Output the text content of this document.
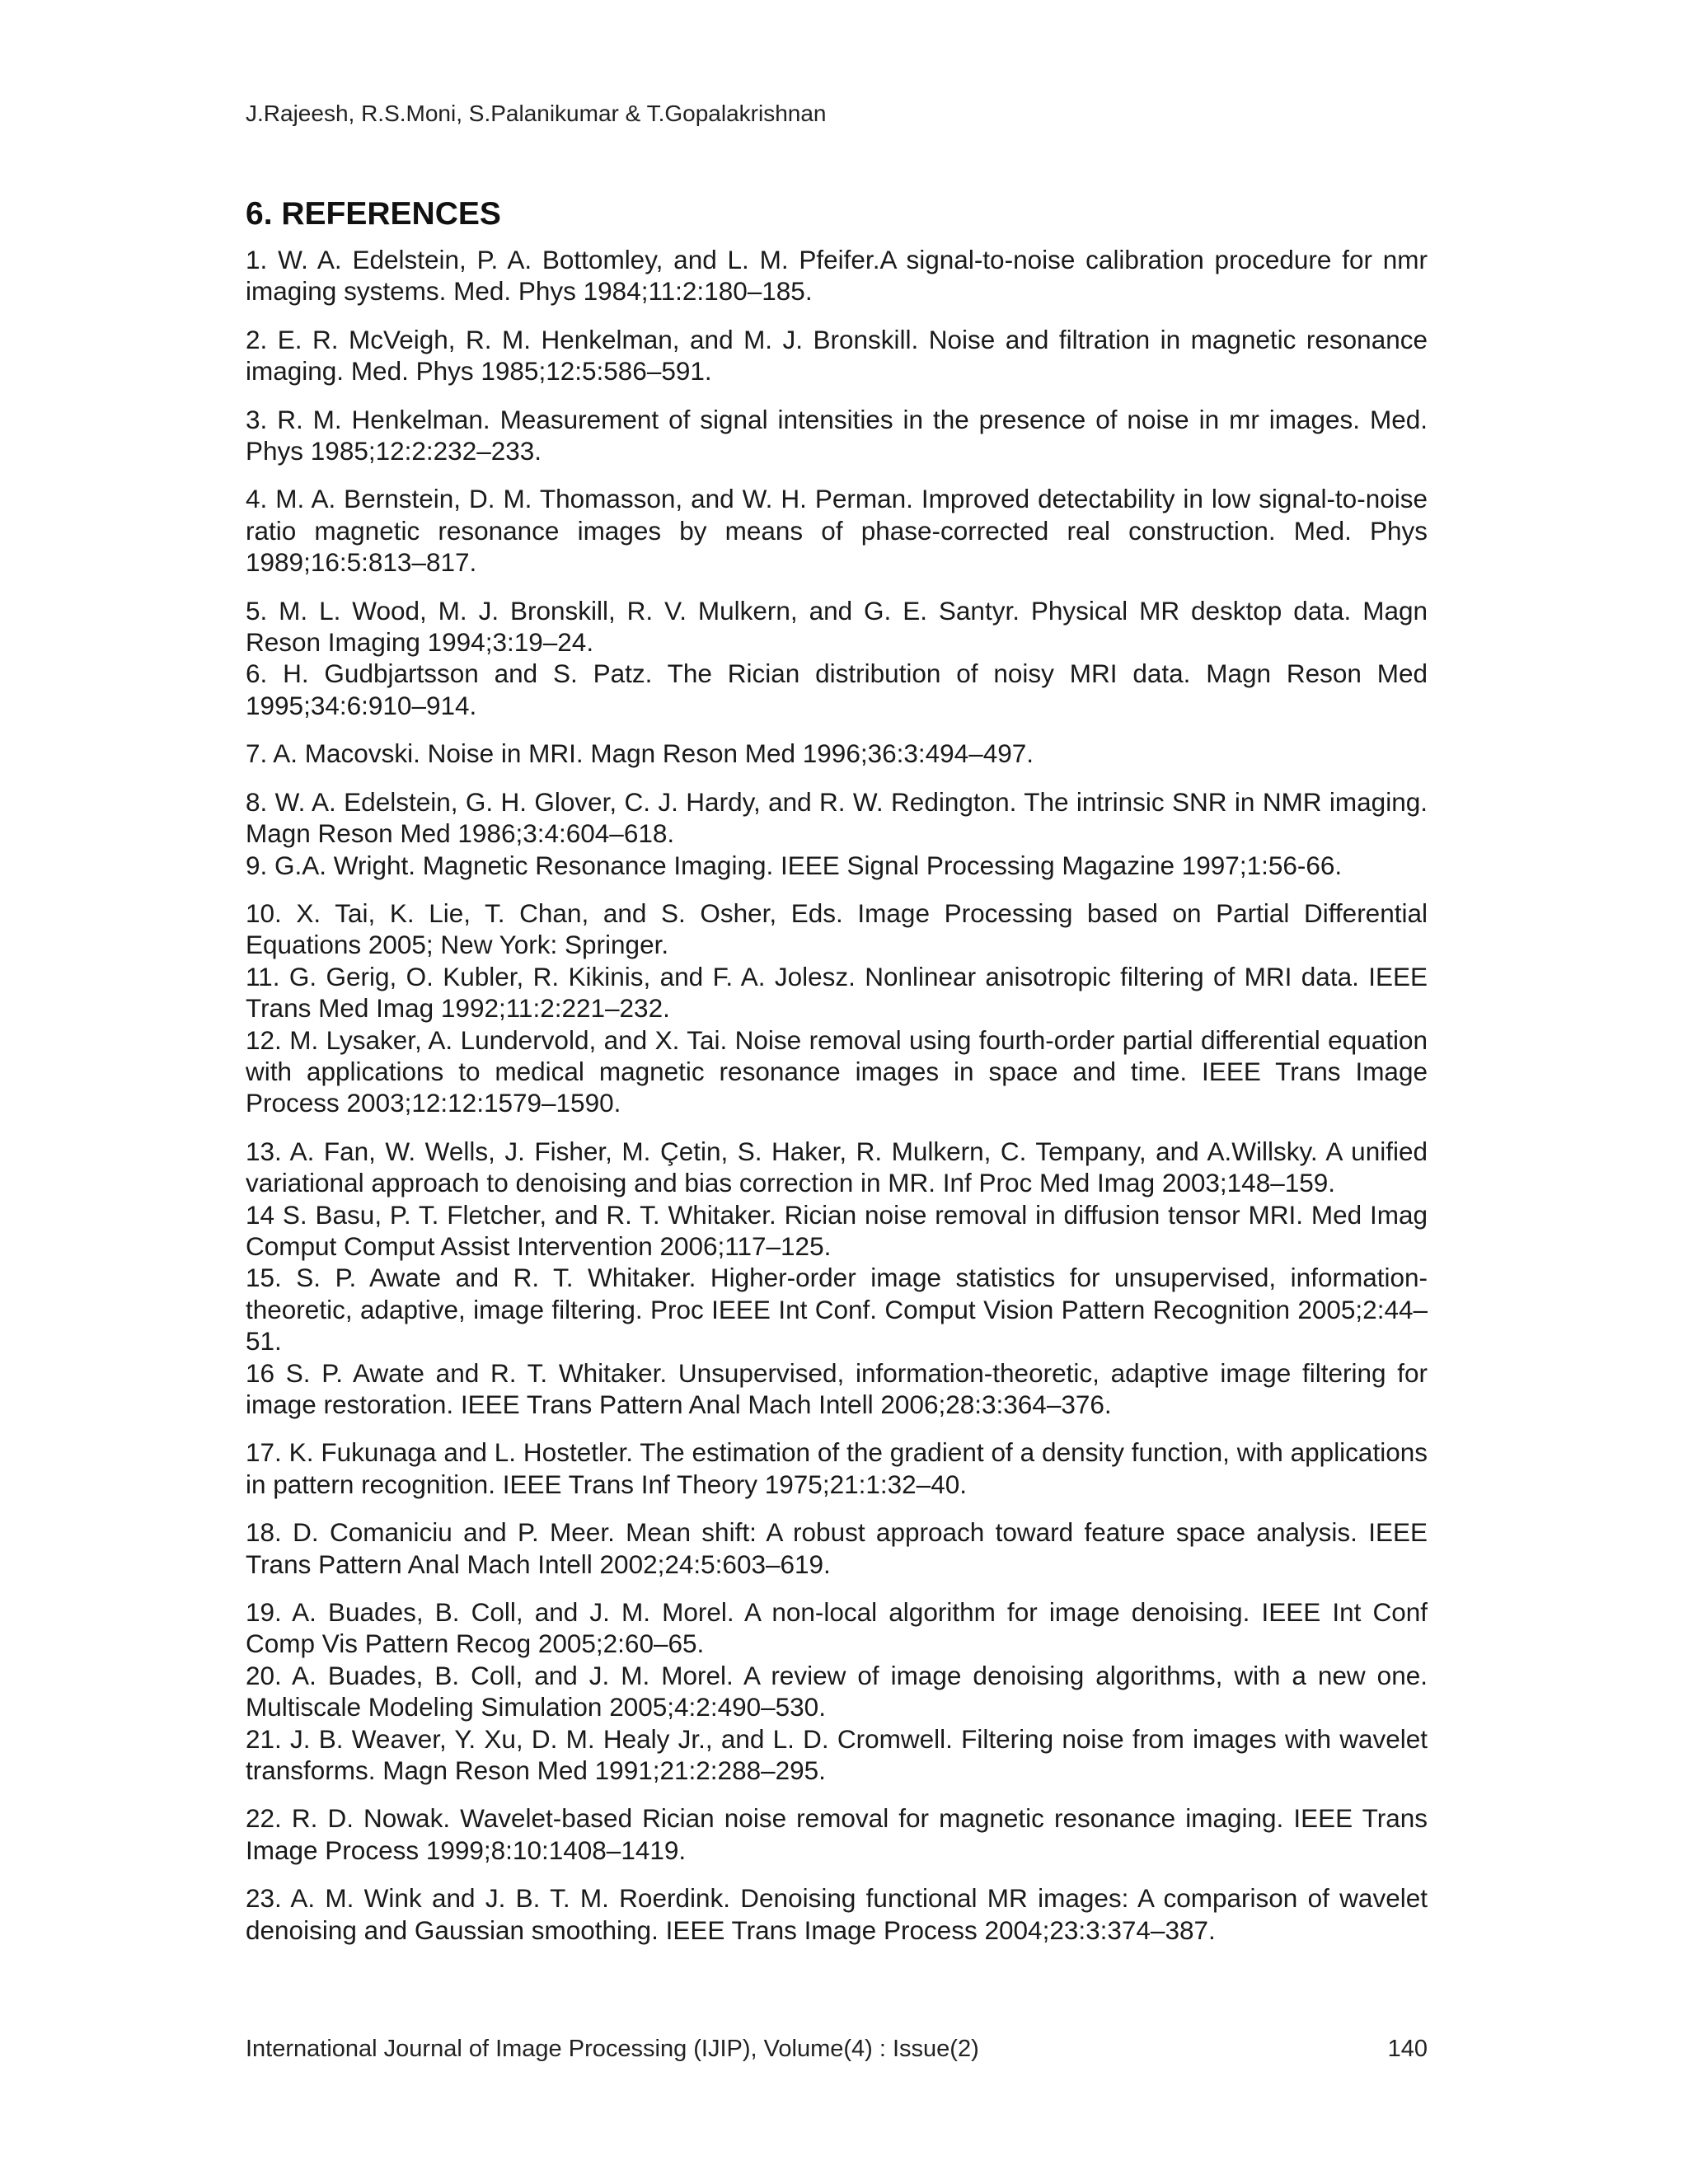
J.Rajeesh, R.S.Moni, S.Palanikumar & T.Gopalakrishnan
6. REFERENCES

1. W. A. Edelstein, P. A. Bottomley, and L. M. Pfeifer.A signal-to-noise calibration procedure for nmr imaging systems. Med. Phys 1984;11:2:180–185.

2. E. R. McVeigh, R. M. Henkelman, and M. J. Bronskill. Noise and filtration in magnetic resonance imaging. Med. Phys 1985;12:5:586–591.

3. R. M. Henkelman. Measurement of signal intensities in the presence of noise in mr images. Med. Phys 1985;12:2:232–233.

4. M. A. Bernstein, D. M. Thomasson, and W. H. Perman. Improved detectability in low signal-to-noise ratio magnetic resonance images by means of phase-corrected real construction. Med. Phys 1989;16:5:813–817.

5. M. L. Wood, M. J. Bronskill, R. V. Mulkern, and G. E. Santyr. Physical MR desktop data. Magn Reson Imaging 1994;3:19–24.

6. H. Gudbjartsson and S. Patz. The Rician distribution of noisy MRI data. Magn Reson Med 1995;34:6:910–914.

7. A. Macovski. Noise in MRI. Magn Reson Med 1996;36:3:494–497.

8. W. A. Edelstein, G. H. Glover, C. J. Hardy, and R. W. Redington. The intrinsic SNR in NMR imaging. Magn Reson Med 1986;3:4:604–618.

9. G.A. Wright. Magnetic Resonance Imaging. IEEE Signal Processing Magazine 1997;1:56-66.

10. X. Tai, K. Lie, T. Chan, and S. Osher, Eds. Image Processing based on Partial Differential Equations 2005; New York: Springer.

11. G. Gerig, O. Kubler, R. Kikinis, and F. A. Jolesz. Nonlinear anisotropic filtering of MRI data. IEEE Trans Med Imag 1992;11:2:221–232.

12. M. Lysaker, A. Lundervold, and X. Tai. Noise removal using fourth-order partial differential equation with applications to medical magnetic resonance images in space and time. IEEE Trans Image Process 2003;12:12:1579–1590.

13. A. Fan, W. Wells, J. Fisher, M. Çetin, S. Haker, R. Mulkern, C. Tempany, and A.Willsky. A unified variational approach to denoising and bias correction in MR. Inf Proc Med Imag 2003;148–159.

14 S. Basu, P. T. Fletcher, and R. T. Whitaker. Rician noise removal in diffusion tensor MRI. Med Imag Comput Comput Assist Intervention 2006;117–125.

15. S. P. Awate and R. T. Whitaker. Higher-order image statistics for unsupervised, information-theoretic, adaptive, image filtering. Proc IEEE Int Conf. Comput Vision Pattern Recognition 2005;2:44–51.

16 S. P. Awate and R. T. Whitaker. Unsupervised, information-theoretic, adaptive image filtering for image restoration. IEEE Trans Pattern Anal Mach Intell 2006;28:3:364–376.

17. K. Fukunaga and L. Hostetler. The estimation of the gradient of a density function, with applications in pattern recognition. IEEE Trans Inf Theory 1975;21:1:32–40.

18. D. Comaniciu and P. Meer. Mean shift: A robust approach toward feature space analysis. IEEE Trans Pattern Anal Mach Intell 2002;24:5:603–619.

19. A. Buades, B. Coll, and J. M. Morel. A non-local algorithm for image denoising. IEEE Int Conf Comp Vis Pattern Recog 2005;2:60–65.

20. A. Buades, B. Coll, and J. M. Morel. A review of image denoising algorithms, with a new one. Multiscale Modeling Simulation 2005;4:2:490–530.

21. J. B. Weaver, Y. Xu, D. M. Healy Jr., and L. D. Cromwell. Filtering noise from images with wavelet transforms. Magn Reson Med 1991;21:2:288–295.

22. R. D. Nowak. Wavelet-based Rician noise removal for magnetic resonance imaging. IEEE Trans Image Process 1999;8:10:1408–1419.

23. A. M. Wink and J. B. T. M. Roerdink. Denoising functional MR images: A comparison of wavelet denoising and Gaussian smoothing. IEEE Trans Image Process 2004;23:3:374–387.

International Journal of Image Processing (IJIP), Volume(4) : Issue(2)	140
